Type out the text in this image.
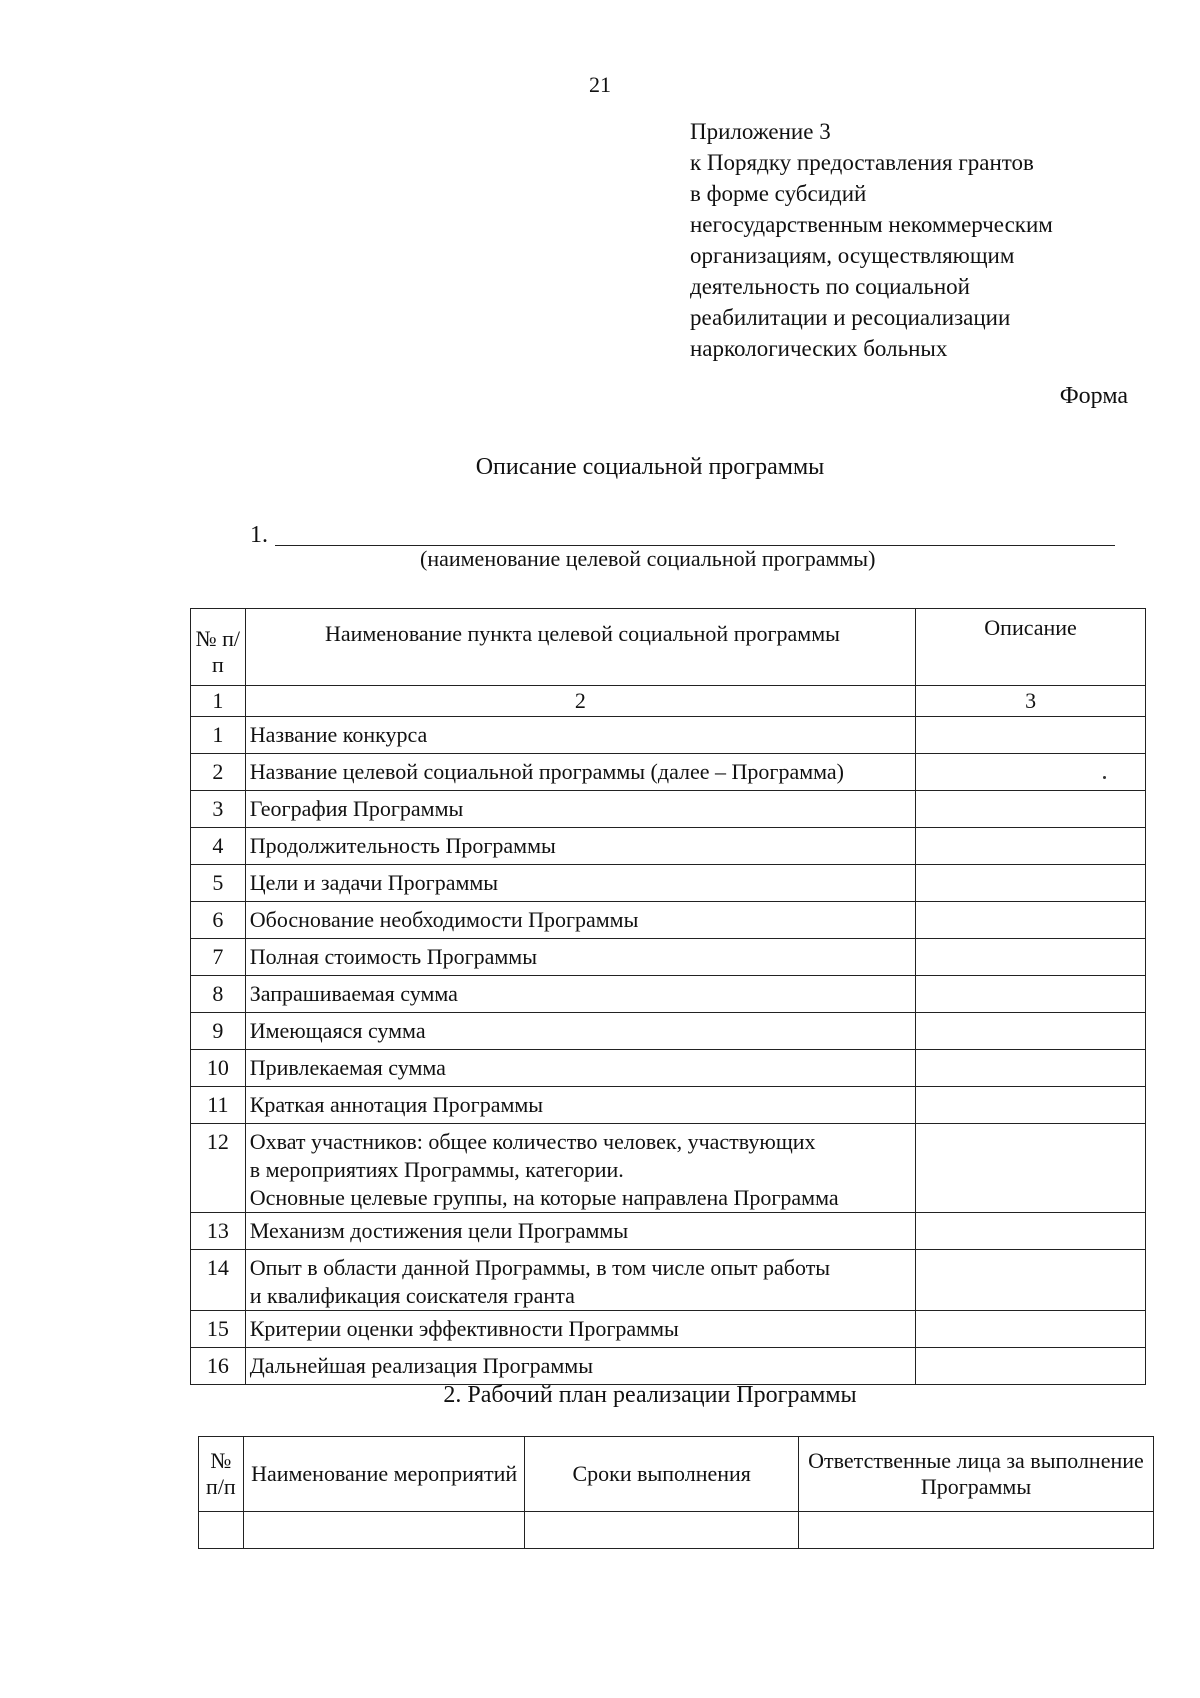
21
Приложение 3
к Порядку предоставления грантов
в форме субсидий
негосударственным некоммерческим
организациям, осуществляющим
деятельность по социальной
реабилитации и ресоциализации
наркологических больных
Форма
Описание социальной программы
1.
(наименование целевой социальной программы)
№ п/п	Наименование пункта целевой социальной программы	Описание
1	2	3
1	Название конкурса	
2	Название целевой социальной программы (далее – Программа)	
3	География Программы	
4	Продолжительность Программы	
5	Цели и задачи Программы	
6	Обоснование необходимости Программы	
7	Полная стоимость Программы	
8	Запрашиваемая сумма	
9	Имеющаяся сумма	
10	Привлекаемая сумма	
11	Краткая аннотация Программы	
12	Охват участников: общее количество человек, участвующих
в мероприятиях Программы, категории.
Основные целевые группы, на которые направлена Программа	

13	Механизм достижения цели Программы	
14	Опыт в области данной Программы, в том числе опыт работы
и квалификация соискателя гранта	

15	Критерии оценки эффективности Программы	
16	Дальнейшая реализация Программы	
2. Рабочий план реализации Программы
№ п/п	Наименование мероприятий	Сроки выполнения	Ответственные лица за выполнение Программы
